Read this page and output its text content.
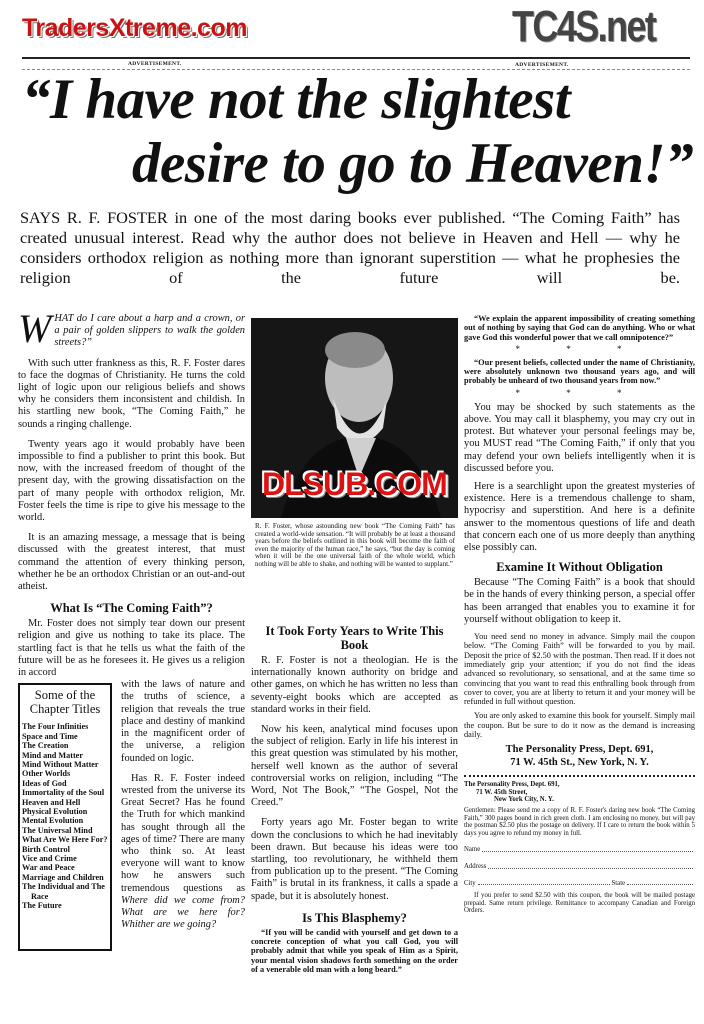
TC4S.net
ADVERTISEMENT.	ADVERTISEMENT.
“I have not the slightest
desire to go to Heaven!”
SAYS R. F. FOSTER in one of the most daring books ever published. “The Coming Faith” has created unusual interest. Read why the author does not believe in Heaven and Hell — why he considers orthodox religion as nothing more than ignorant superstition — what he prophesies the religion of the future will be.

W HAT do I care about a harp and a crown, or a pair of golden slippers to walk the golden streets?”

With such utter frankness as this, R. F. Foster dares to face the dogmas of Christianity. He turns the cold light of logic upon our religious beliefs and shows why he considers them inconsistent and childish. In his startling new book, “The Coming Faith,” he sounds a ringing challenge.

Twenty years ago it would probably have been impossible to find a publisher to print this book. But now, with the increased freedom of thought of the present day, with the growing dissatisfaction on the part of many people with orthodox religion, Mr. Foster feels the time is ripe to give his message to the world.

It is an amazing message, a message that is being discussed with the greatest interest, that must command the attention of every thinking person, whether he be an orthodox Christian or an out-and-out atheist.

What Is “The Coming Faith”?

Mr. Foster does not simply tear down our present religion and give us nothing to take its place. The startling fact is that he tells us what the faith of the future will be as he foresees it. He gives us a religion in accord

Some of the Chapter Titles
The Four Infinities
Space and Time
The Creation
Mind and Matter
Mind Without Matter
Other Worlds
Ideas of God
Immortality of the Soul
Heaven and Hell
Physical Evolution
Mental Evolution
The Universal Mind
What Are We Here For?
Birth Control
Vice and Crime
War and Peace
Marriage and Children
The Individual and The Race
The Future

with the laws of nature and the truths of science, a religion that reveals the true place and destiny of mankind in the magnificent order of the universe, a religion founded on logic.

Has R. F. Foster indeed wrested from the universe its Great Secret? Has he found the Truth for which mankind has sought through all the ages of time? There are many who think so. At least everyone will want to know how he answers such tremendous questions as Where did we come from? What are we here for? Whither are we going?

R. F. Foster, whose astounding new book “The Coming Faith” has created a world-wide sensation. “It will probably be at least a thousand years before the beliefs outlined in this book will become the faith of even the majority of the human race,” he says, “but the day is coming when it will be the one universal faith of the whole world, which nothing will be able to shake, and nothing will be wanted to supplant.”
It Took Forty Years to Write This Book

R. F. Foster is not a theologian. He is the internationally known authority on bridge and other games, on which he has written no less than seventy-eight books which are accepted as standard works in their field.

Now his keen, analytical mind focuses upon the subject of religion. Early in life his interest in this great question was stimulated by his mother, herself well known as the author of several controversial works on religion, including “The Word, Not The Book,” “The Gospel, Not the Creed.”

Forty years ago Mr. Foster began to write down the conclusions to which he had inevitably been drawn. But because his ideas were too startling, too revolutionary, he withheld them from publication up to the present. “The Coming Faith” is brutal in its frankness, it calls a spade a spade, but it is absolutely honest.

Is This Blasphemy?

“If you will be candid with yourself and get down to a concrete conception of what you call God, you will probably admit that while you speak of Him as a Spirit, your mental vision shadows forth something on the order of a venerable old man with a long beard.”

“We explain the apparent impossibility of creating something out of nothing by saying that God can do anything. Who or what gave God this wonderful power that we call omnipotence?”

* * *

“Our present beliefs, collected under the name of Christianity, were absolutely unknown two thousand years ago, and will probably be unheard of two thousand years from now.”

* * *

You may be shocked by such statements as the above. You may call it blasphemy, you may cry out in protest. But whatever your personal feelings may be, you MUST read “The Coming Faith,” if only that you may defend your own beliefs intelligently when it is discussed before you.

Here is a searchlight upon the greatest mysteries of existence. Here is a tremendous challenge to sham, hypocrisy and superstition. And here is a definite answer to the momentous questions of life and death that concern each one of us more deeply than anything else possibly can.

Examine It Without Obligation

Because “The Coming Faith” is a book that should be in the hands of every thinking person, a special offer has been arranged that enables you to examine it for yourself without obligation to keep it.

You need send no money in advance. Simply mail the coupon below. “The Coming Faith” will be forwarded to you by mail. Deposit the price of $2.50 with the postman. Then read. If it does not immediately grip your attention; if you do not find the ideas advanced so revolutionary, so sensational, and at the same time so convincing that you want to read this enthralling book through from cover to cover, you are at liberty to return it and your money will be refunded in full without question.

You are only asked to examine this book for yourself. Simply mail the coupon. But be sure to do it now as the demand is increasing daily.

The Personality Press, Dept. 691,
71 W. 45th St., New York, N. Y.
The Personality Press, Dept. 691,
71 W. 45th Street,
New York City, N. Y.
Gentlemen: Please send me a copy of R. F. Foster's daring new book “The Coming Faith,” 300 pages bound in rich green cloth. I am enclosing no money, but will pay the postman $2.50 plus the postage on delivery. If I care to return the book within 5 days you agree to refund my money in full.
Name
Address
City	State
If you prefer to send $2.50 with this coupon, the book will be mailed postage prepaid. Same return privilege. Remittance to accompany Canadian and Foreign Orders.
DLSUB.COM
TradersXtreme.com
